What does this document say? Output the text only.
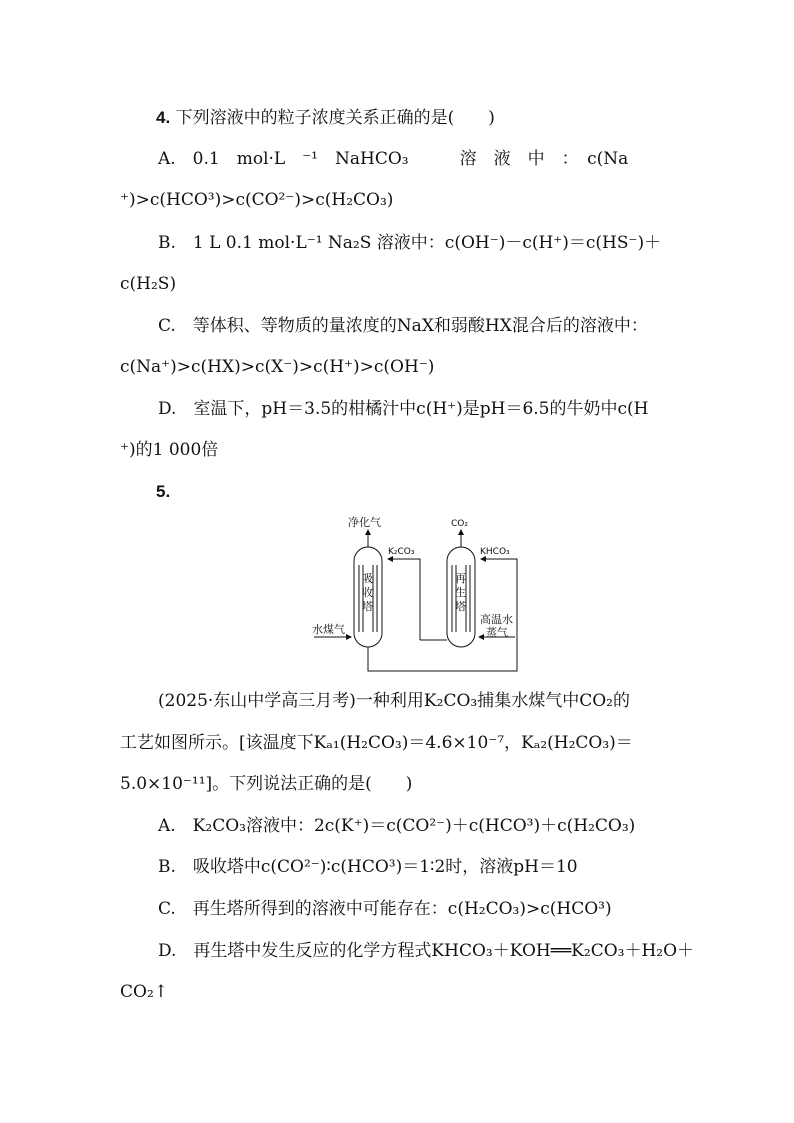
4. 下列溶液中的粒子浓度关系正确的是(　　)
A.　0.1　mol·L　⁻¹　NaHCO₃　　　溶　液　中　：　c(Na
⁺)>c(HCO³)>c(CO²⁻)>c(H₂CO₃)
B.　1 L 0.1 mol·L⁻¹ Na₂S 溶液中：c(OH⁻)－c(H⁺)＝c(HS⁻)＋
c(H₂S)
C.　等体积、等物质的量浓度的NaX和弱酸HX混合后的溶液中：
c(Na⁺)>c(HX)>c(X⁻)>c(H⁺)>c(OH⁻)
D.　室温下，pH＝3.5的柑橘汁中c(H⁺)是pH＝6.5的牛奶中c(H
⁺)的1 000倍
5.
净化气	CO₂
K₂CO₃	KHCO₃
吸
收
塔
再
生
塔
水煤气
高温水
蒸气
(2025·东山中学高三月考)一种利用K₂CO₃捕集水煤气中CO₂的
工艺如图所示。[该温度下Kₐ₁(H₂CO₃)＝4.6×10⁻⁷，Kₐ₂(H₂CO₃)＝
5.0×10⁻¹¹]。下列说法正确的是(　　)
A.　K₂CO₃溶液中：2c(K⁺)＝c(CO²⁻)＋c(HCO³)＋c(H₂CO₃)
B.　吸收塔中c(CO²⁻)∶c(HCO³)＝1∶2时，溶液pH＝10
C.　再生塔所得到的溶液中可能存在：c(H₂CO₃)>c(HCO³)
D.　再生塔中发生反应的化学方程式KHCO₃＋KOH══K₂CO₃＋H₂O＋
CO₂↑
